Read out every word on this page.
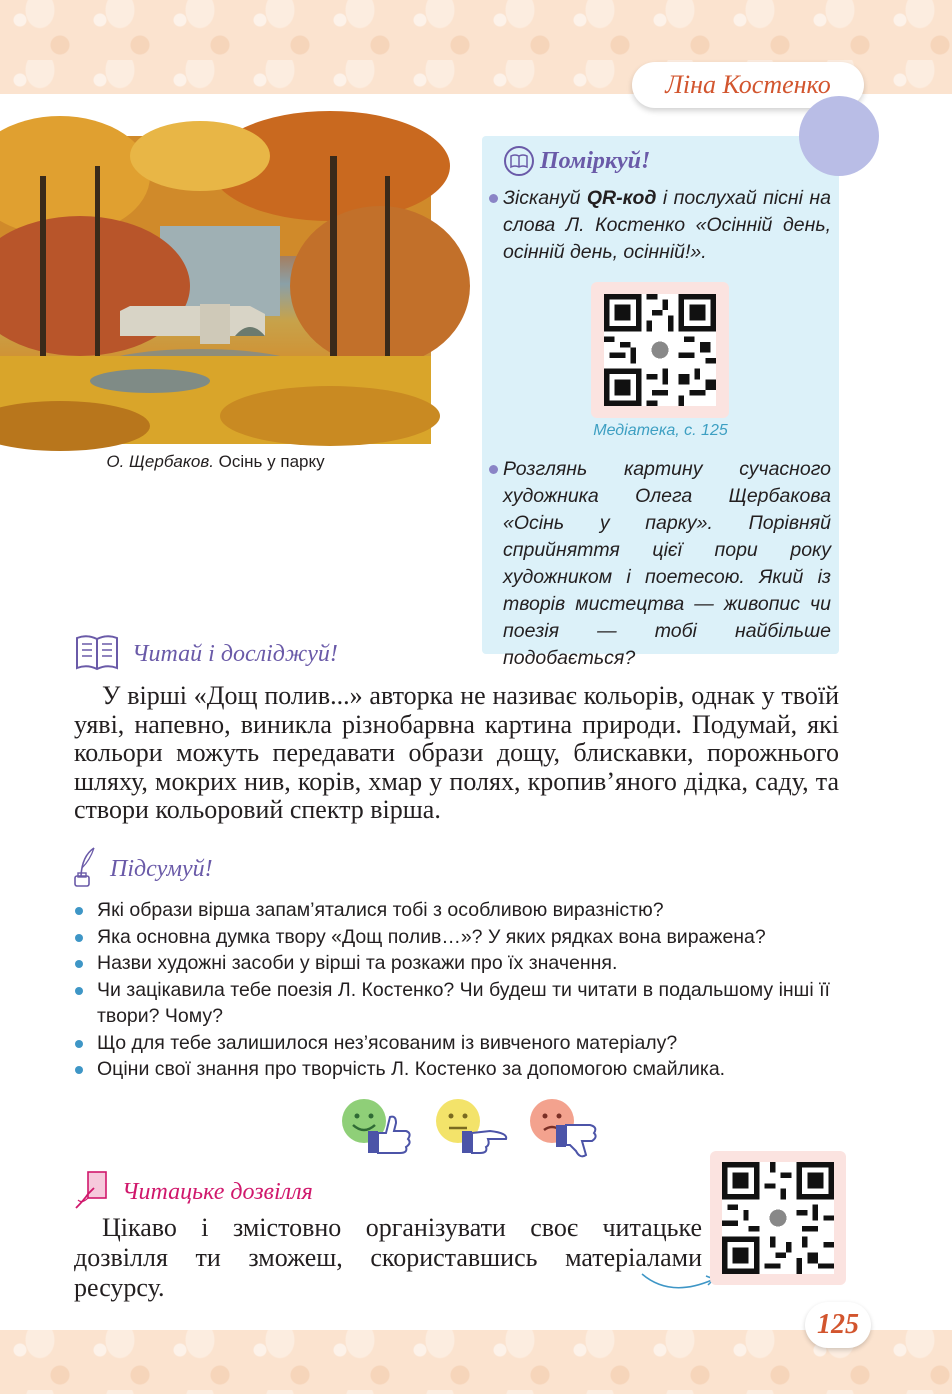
Ліна Костенко
О. Щербаков. Осінь у парку
Поміркуй!

Зіскануй QR-код і послухай пісні на слова Л. Костенко «Осінній день, осінній день, осінній!».

Медіатека, с. 125

Розглянь картину сучасного художника Олега Щербакова «Осінь у парку». Порівняй сприйняття цієї пори року художником і поетесою. Який із творів мистецтва — живопис чи поезія — тобі найбільше подобається?

Читай і досліджуй!
У вірші «Дощ полив...» авторка не називає кольорів, однак у твоїй уяві, напевно, виникла різнобарвна картина природи. Подумай, які кольори можуть передавати образи дощу, блискавки, порожнього шляху, мокрих нив, корів, хмар у полях, кропив’яного дідка, саду, та створи кольоровий спектр вірша.
Підсумуй!
Які образи вірша запам’яталися тобі з особливою виразністю?
Яка основна думка твору «Дощ полив…»? У яких рядках вона виражена?
Назви художні засоби у вірші та розкажи про їх значення.
Чи зацікавила тебе поезія Л. Костенко? Чи будеш ти читати в подальшому інші її твори? Чому?
Що для тебе залишилося нез’ясованим із вивченого матеріалу?
Оціни свої знання про творчість Л. Костенко за допомогою смайлика.
Читацьке дозвілля
Цікаво і змістовно організувати своє читацьке дозвілля ти зможеш, скориставшись матеріалами ресурсу.
125
